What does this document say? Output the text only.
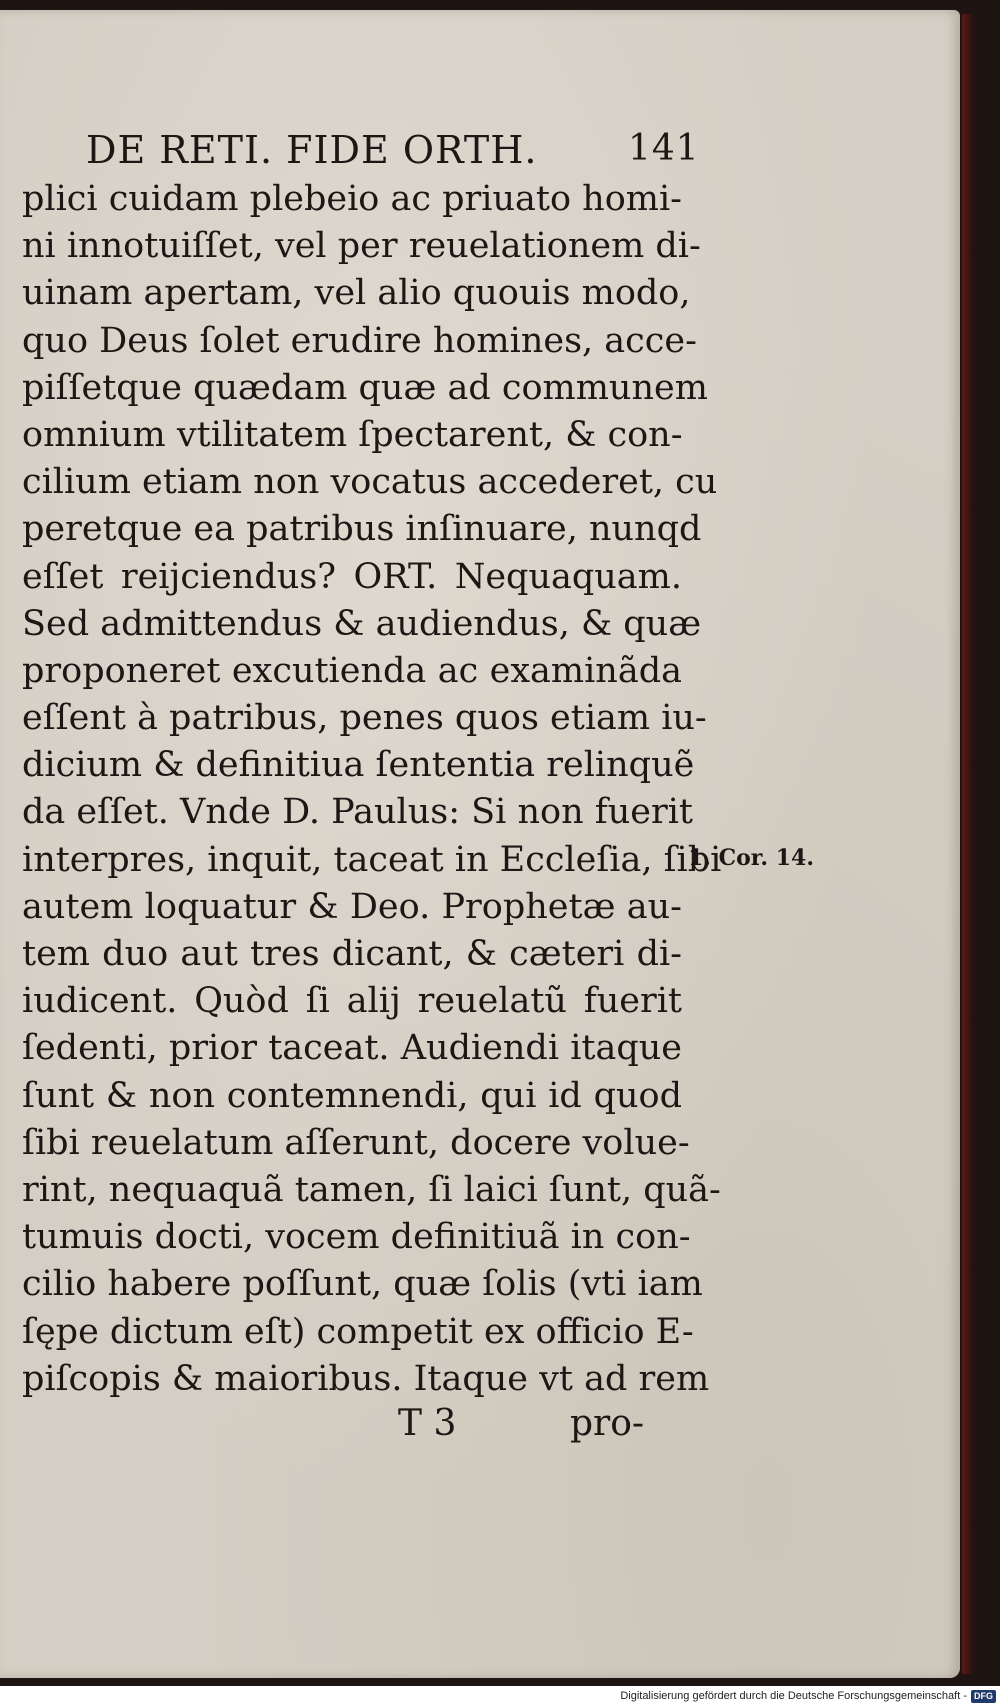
DE RETI. FIDE ORTH.	141
plici cuidam plebeio ac priuato homi-
ni innotuiſſet, vel per reuelationem di-
uinam apertam, vel alio quouis modo,
quo Deus ſolet erudire homines, acce-
piſſetque quædam quæ ad communem
omnium vtilitatem ſpectarent, & con-
cilium etiam non vocatus accederet, cu
peretque ea patribus inſinuare, nunqd
eſſet reijciendus? ORT. Nequaquam.
Sed admittendus & audiendus, & quæ
proponeret excutienda ac examinãda
eſſent à patribus, penes quos etiam iu-
dicium & definitiua ſententia relinquẽ
da eſſet. Vnde D. Paulus: Si non fuerit
interpres, inquit, taceat in Eccleſia, ſibi
autem loquatur & Deo. Prophetæ au-
tem duo aut tres dicant, & cæteri di-
iudicent. Quòd ſi alij reuelatũ fuerit
ſedenti, prior taceat. Audiendi itaque
ſunt & non contemnendi, qui id quod
ſibi reuelatum aſſerunt, docere volue-
rint, nequaquã tamen, ſi laici ſunt, quã-
tumuis docti, vocem definitiuã in con-
cilio habere poſſunt, quæ ſolis (vti iam
ſępe dictum eſt) competit ex officio E-
piſcopis & maioribus. Itaque vt ad rem
T 3	pro-
1. Cor. 14.
Digitalisierung gefördert durch die Deutsche Forschungsgemeinschaft - DFG
